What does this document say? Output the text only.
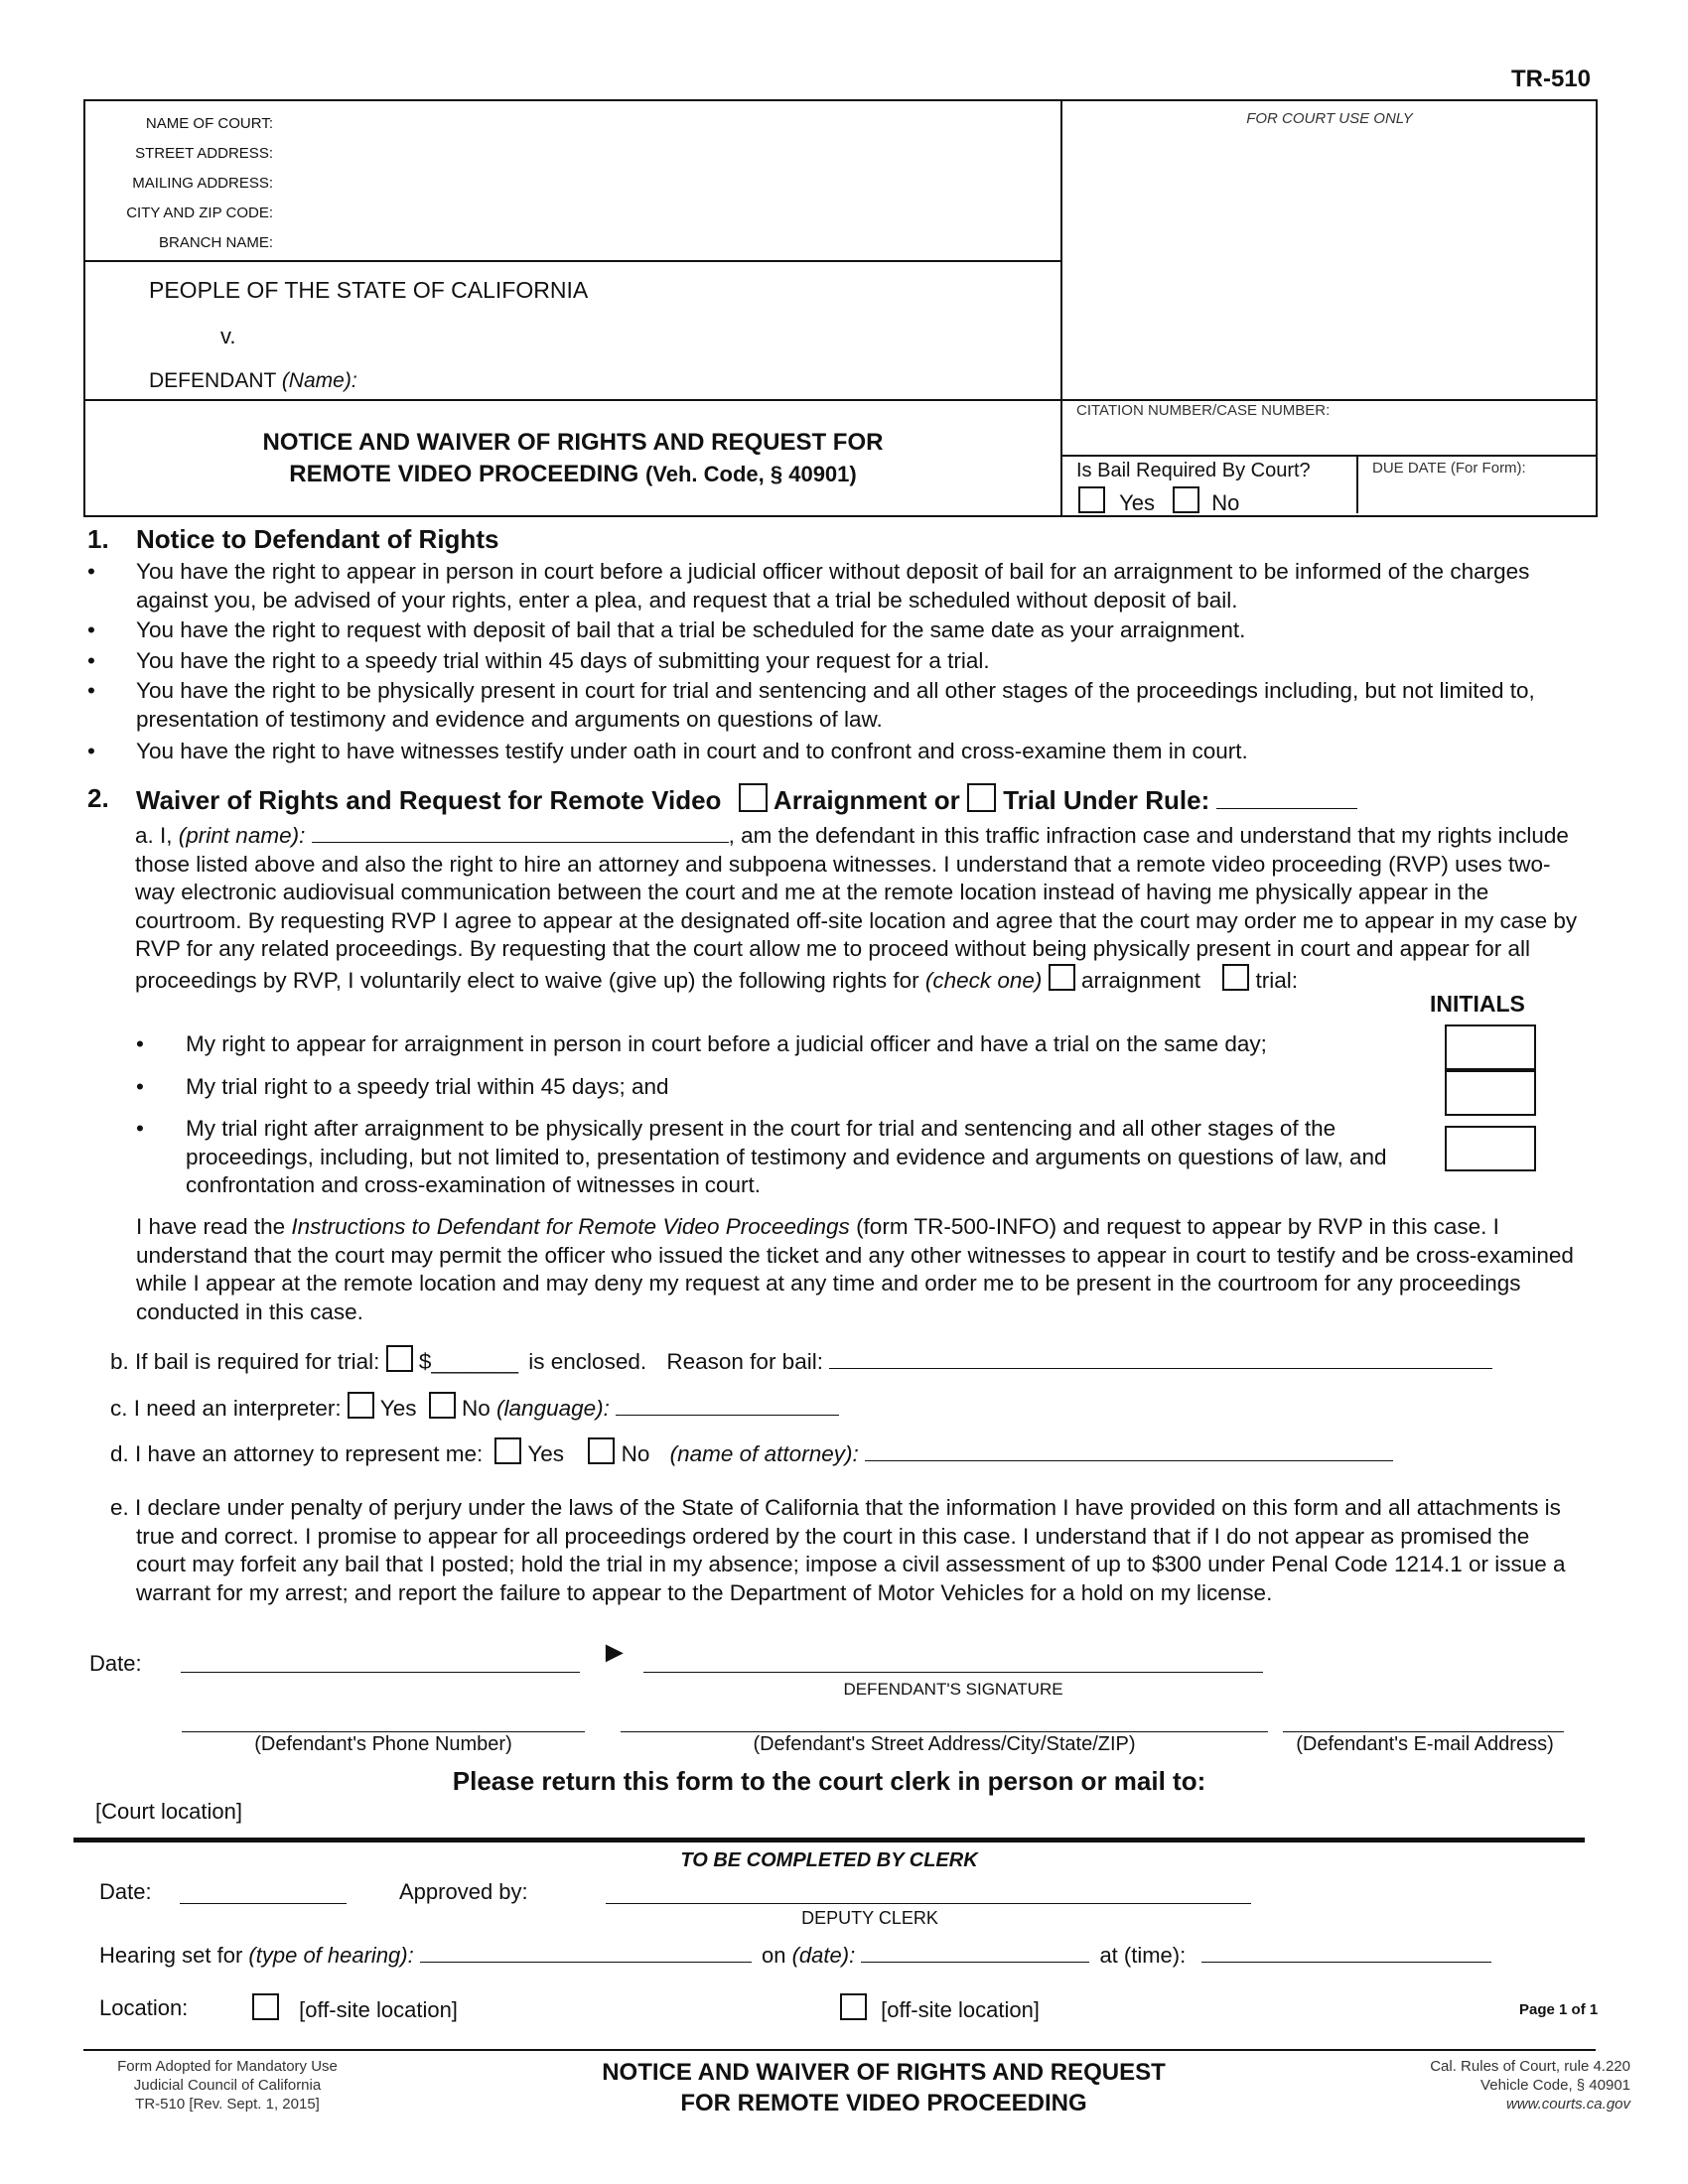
TR-510
NAME OF COURT:
STREET ADDRESS:
MAILING ADDRESS:
CITY AND ZIP CODE:
BRANCH NAME:
FOR COURT USE ONLY
PEOPLE OF THE STATE OF CALIFORNIA
v.
DEFENDANT (Name):
NOTICE AND WAIVER OF RIGHTS AND REQUEST FOR
REMOTE VIDEO PROCEEDING (Veh. Code, § 40901)
CITATION NUMBER/CASE NUMBER:
Is Bail Required By Court?
Yes	No
DUE DATE (For Form):
1. Notice to Defendant of Rights
• You have the right to appear in person in court before a judicial officer without deposit of bail for an arraignment to be informed of the charges against you, be advised of your rights, enter a plea, and request that a trial be scheduled without deposit of bail.
• You have the right to request with deposit of bail that a trial be scheduled for the same date as your arraignment.
• You have the right to a speedy trial within 45 days of submitting your request for a trial.
• You have the right to be physically present in court for trial and sentencing and all other stages of the proceedings including, but not limited to, presentation of testimony and evidence and arguments on questions of law.
• You have the right to have witnesses testify under oath in court and to confront and cross-examine them in court.
2. Waiver of Rights and Request for Remote Video Arraignment or Trial Under Rule:
a. I, (print name):	, am the defendant in this traffic infraction case and understand that my rights include those listed above and also the right to hire an attorney and subpoena witnesses. I understand that a remote video proceeding (RVP) uses two-way electronic audiovisual communication between the court and me at the remote location instead of having me physically appear in the courtroom. By requesting RVP I agree to appear at the designated off-site location and agree that the court may order me to appear in my case by RVP for any related proceedings. By requesting that the court allow me to proceed without being physically present in court and appear for all proceedings by RVP, I voluntarily elect to waive (give up) the following rights for (check one) arraignment trial:
INITIALS
• My right to appear for arraignment in person in court before a judicial officer and have a trial on the same day;
• My trial right to a speedy trial within 45 days; and
• My trial right after arraignment to be physically present in the court for trial and sentencing and all other stages of the proceedings, including, but not limited to, presentation of testimony and evidence and arguments on questions of law, and confrontation and cross-examination of witnesses in court.
I have read the Instructions to Defendant for Remote Video Proceedings (form TR-500-INFO) and request to appear by RVP in this case. I understand that the court may permit the officer who issued the ticket and any other witnesses to appear in court to testify and be cross-examined while I appear at the remote location and may deny my request at any time and order me to be present in the courtroom for any proceedings conducted in this case.
b. If bail is required for trial: $_______ is enclosed. Reason for bail:
c. I need an interpreter: Yes No (language):
d. I have an attorney to represent me: Yes	No (name of attorney):
e. I declare under penalty of perjury under the laws of the State of California that the information I have provided on this form and all attachments is true and correct. I promise to appear for all proceedings ordered by the court in this case. I understand that if I do not appear as promised the court may forfeit any bail that I posted; hold the trial in my absence; impose a civil assessment of up to $300 under Penal Code 1214.1 or issue a warrant for my arrest; and report the failure to appear to the Department of Motor Vehicles for a hold on my license.
Date:	►
DEFENDANT'S SIGNATURE
(Defendant's Phone Number)	(Defendant's Street Address/City/State/ZIP)	(Defendant's E-mail Address)
Please return this form to the court clerk in person or mail to:
[Court location]
TO BE COMPLETED BY CLERK
Date:	Approved by:
DEPUTY CLERK
Hearing set for (type of hearing):	on (date):	at (time):
Location:	[off-site location]	[off-site location]	Page 1 of 1
Form Adopted for Mandatory Use
Judicial Council of California
TR-510 [Rev. Sept. 1, 2015]
NOTICE AND WAIVER OF RIGHTS AND REQUEST
FOR REMOTE VIDEO PROCEEDING
Cal. Rules of Court, rule 4.220
Vehicle Code, § 40901
www.courts.ca.gov
